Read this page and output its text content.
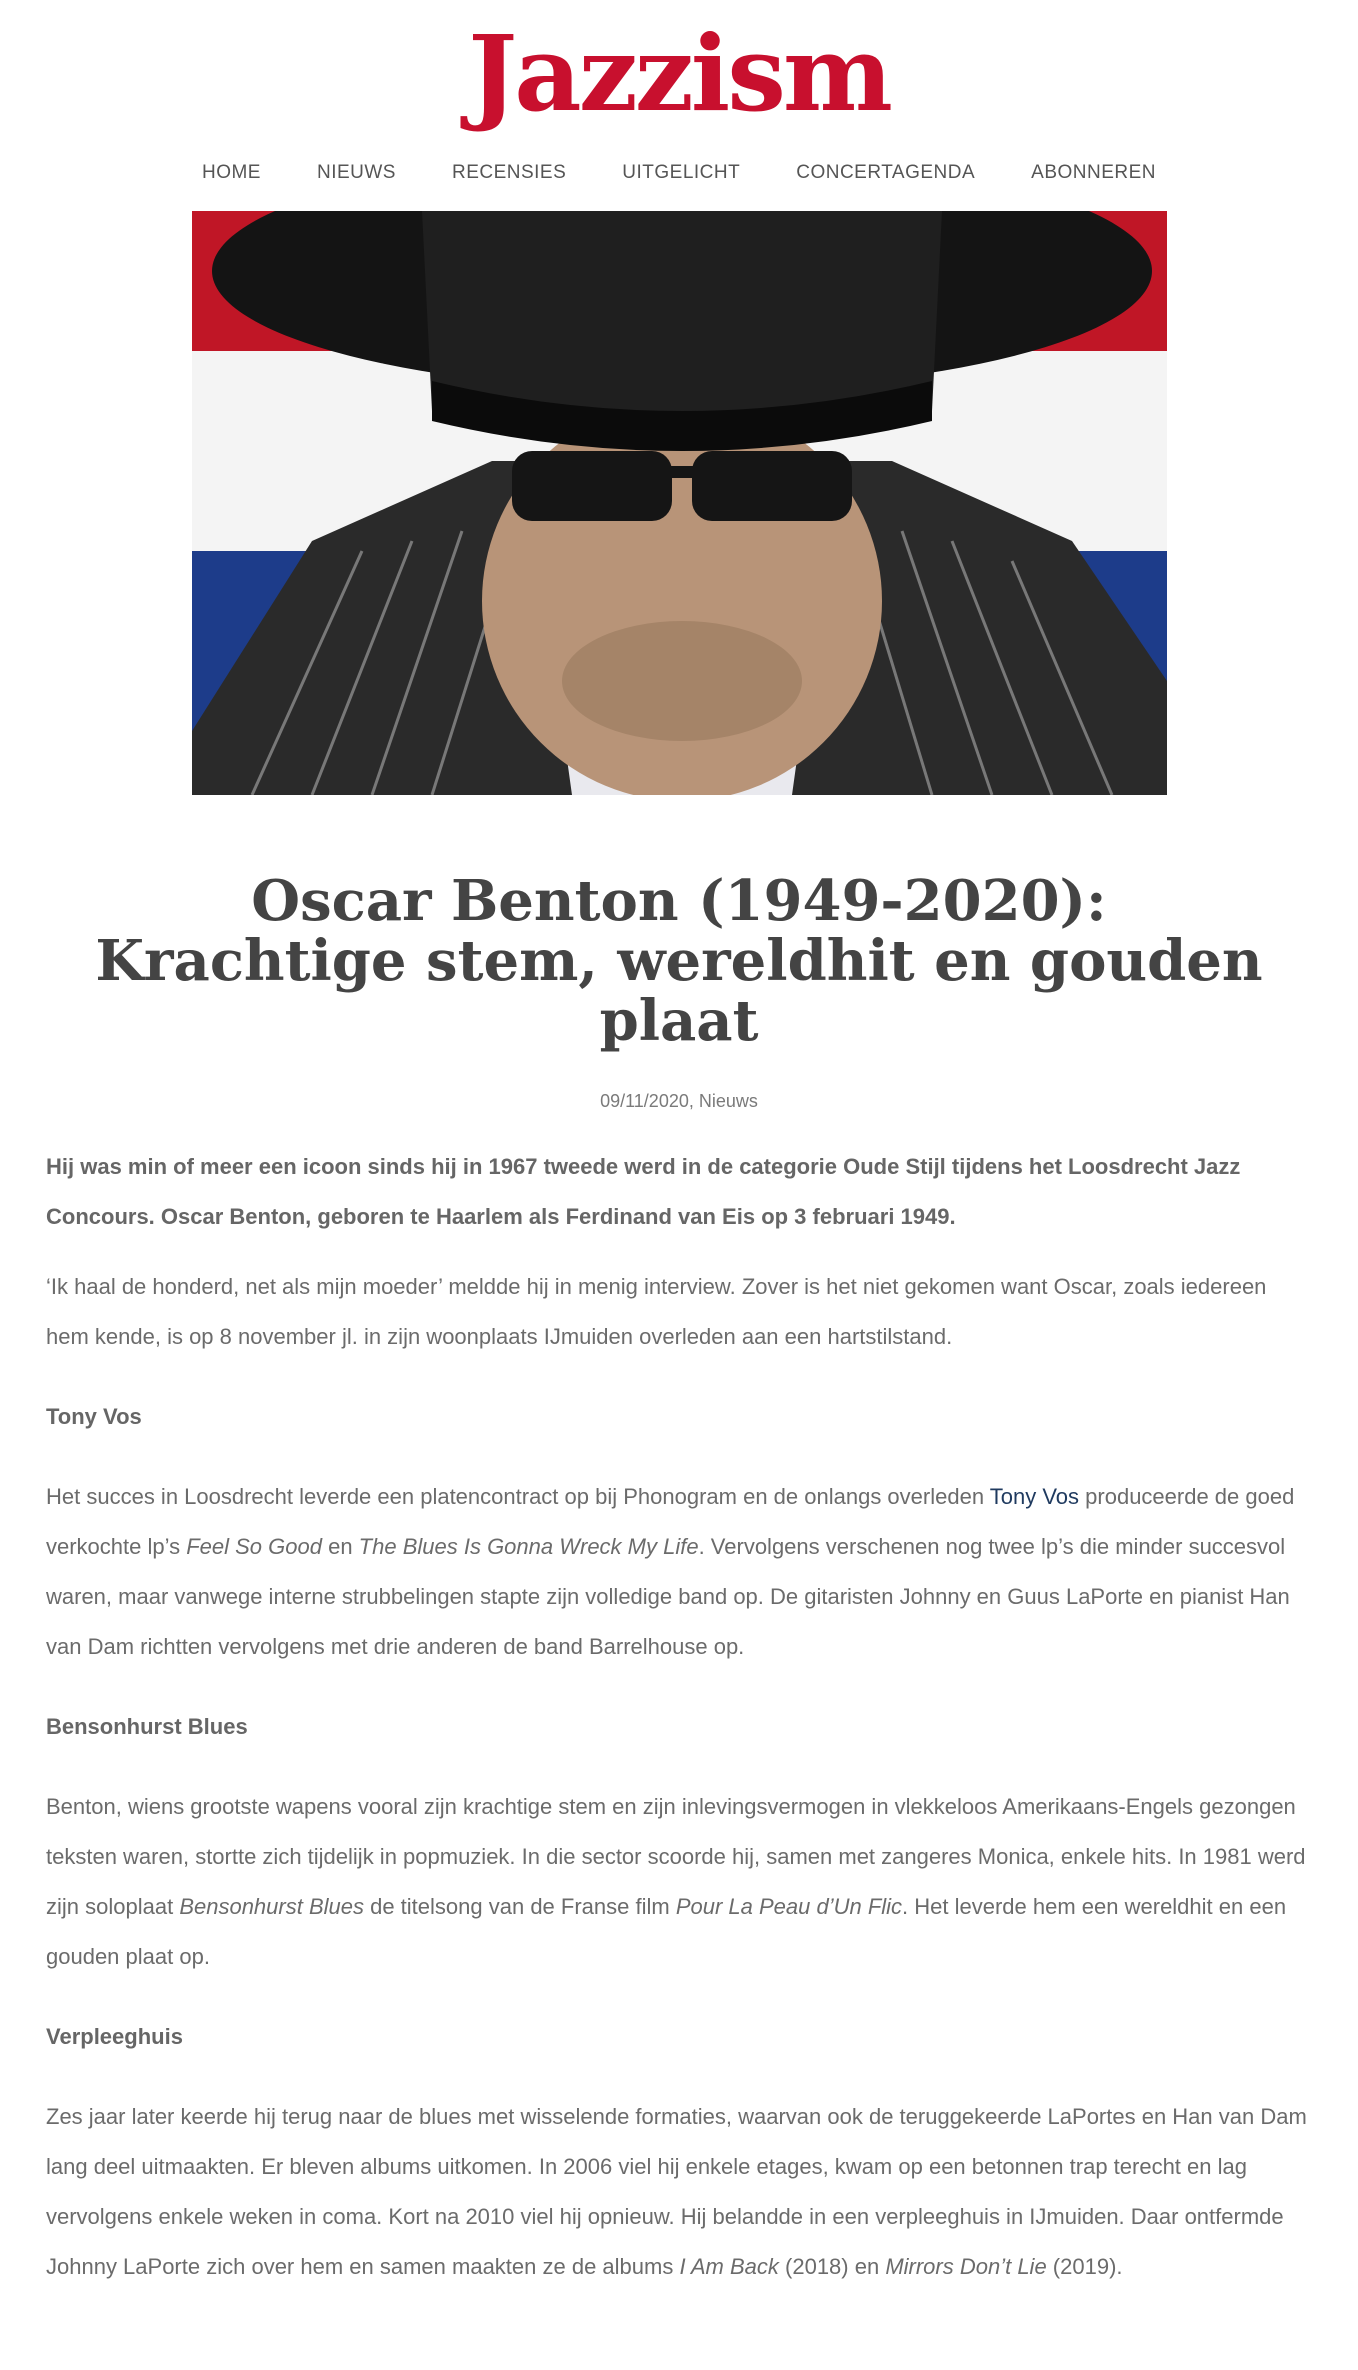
Jazzism
HOME	NIEUWS	RECENSIES	UITGELICHT	CONCERTAGENDA	ABONNEREN
Oscar Benton (1949-2020): Krachtige stem, wereldhit en gouden plaat
09/11/2020, Nieuws

Hij was min of meer een icoon sinds hij in 1967 tweede werd in de categorie Oude Stijl tijdens het Loosdrecht Jazz Concours. Oscar Benton, geboren te Haarlem als Ferdinand van Eis op 3 februari 1949.

‘Ik haal de honderd, net als mijn moeder’ meldde hij in menig interview. Zover is het niet gekomen want Oscar, zoals iedereen hem kende, is op 8 november jl. in zijn woonplaats IJmuiden overleden aan een hartstilstand.

Tony Vos

Het succes in Loosdrecht leverde een platencontract op bij Phonogram en de onlangs overleden Tony Vos produceerde de goed verkochte lp’s Feel So Good en The Blues Is Gonna Wreck My Life. Vervolgens verschenen nog twee lp’s die minder succesvol waren, maar vanwege interne strubbelingen stapte zijn volledige band op. De gitaristen Johnny en Guus LaPorte en pianist Han van Dam richtten vervolgens met drie anderen de band Barrelhouse op.

Bensonhurst Blues

Benton, wiens grootste wapens vooral zijn krachtige stem en zijn inlevingsvermogen in vlekkeloos Amerikaans-Engels gezongen teksten waren, stortte zich tijdelijk in popmuziek. In die sector scoorde hij, samen met zangeres Monica, enkele hits. In 1981 werd zijn soloplaat Bensonhurst Blues de titelsong van de Franse film Pour La Peau d’Un Flic. Het leverde hem een wereldhit en een gouden plaat op.

Verpleeghuis

Zes jaar later keerde hij terug naar de blues met wisselende formaties, waarvan ook de teruggekeerde LaPortes en Han van Dam lang deel uitmaakten. Er bleven albums uitkomen. In 2006 viel hij enkele etages, kwam op een betonnen trap terecht en lag vervolgens enkele weken in coma. Kort na 2010 viel hij opnieuw. Hij belandde in een verpleeghuis in IJmuiden. Daar ontfermde Johnny LaPorte zich over hem en samen maakten ze de albums I Am Back (2018) en Mirrors Don’t Lie (2019).
